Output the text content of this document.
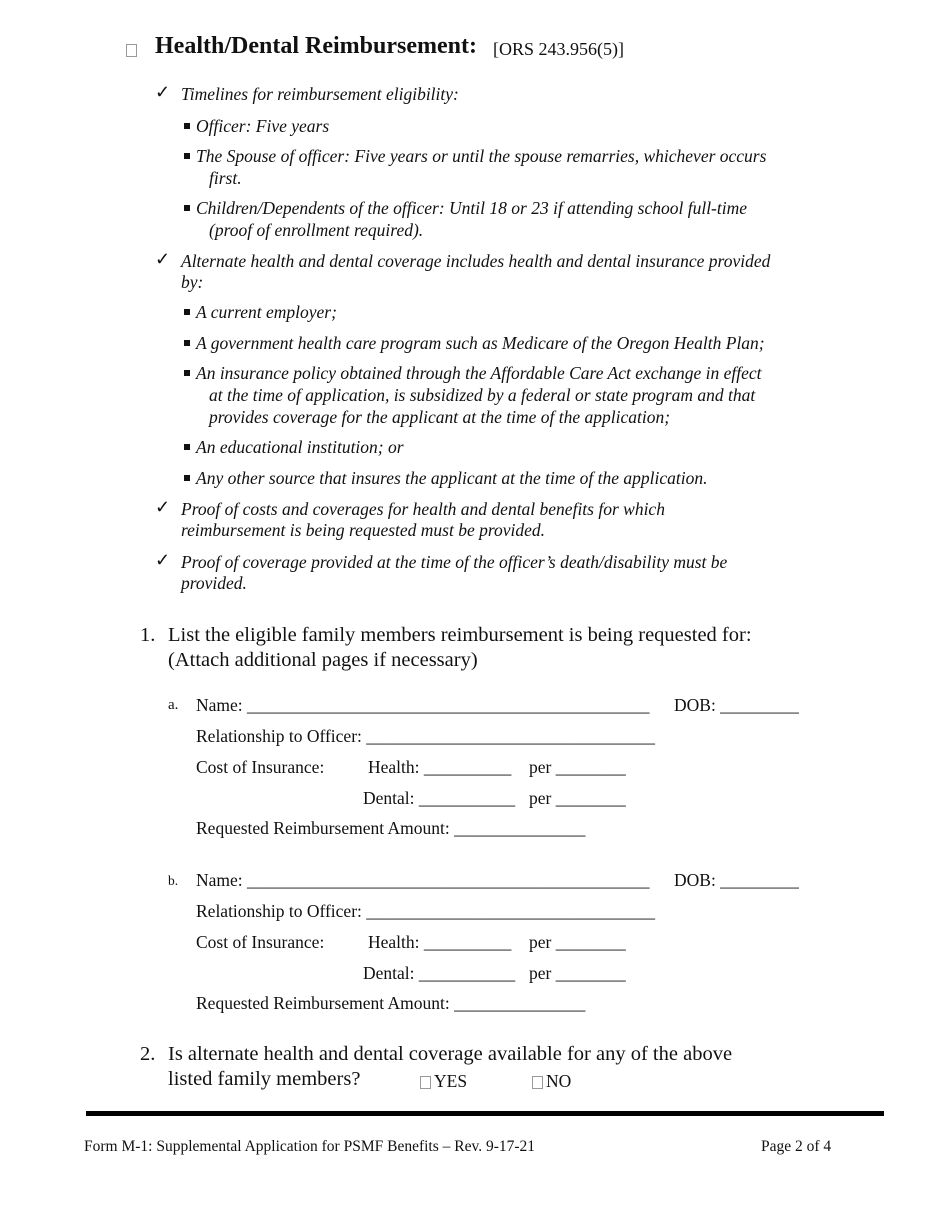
Health/Dental Reimbursement: [ORS 243.956(5)]
✓ Timelines for reimbursement eligibility:
Officer: Five years
The Spouse of officer: Five years or until the spouse remarries, whichever occurs
first.
Children/Dependents of the officer: Until 18 or 23 if attending school full-time
(proof of enrollment required).
✓ Alternate health and dental coverage includes health and dental insurance provided
by:
A current employer;
A government health care program such as Medicare of the Oregon Health Plan;
An insurance policy obtained through the Affordable Care Act exchange in effect
at the time of application, is subsidized by a federal or state program and that
provides coverage for the applicant at the time of the application;
An educational institution; or
Any other source that insures the applicant at the time of the application.
✓ Proof of costs and coverages for health and dental benefits for which
reimbursement is being requested must be provided.
✓ Proof of coverage provided at the time of the officer’s death/disability must be
provided.
1. List the eligible family members reimbursement is being requested for:
(Attach additional pages if necessary)
a. Name: ______________________________________________ DOB: _________
Relationship to Officer: _________________________________
Cost of Insurance: Health: __________ per ________
Dental: ___________ per ________
Requested Reimbursement Amount: _______________
b. Name: ______________________________________________ DOB: _________
Relationship to Officer: _________________________________
Cost of Insurance: Health: __________ per ________
Dental: ___________ per ________
Requested Reimbursement Amount: _______________
2. Is alternate health and dental coverage available for any of the above
listed family members?	YES	NO
Form M-1: Supplemental Application for PSMF Benefits – Rev. 9-17-21	Page 2 of 4
